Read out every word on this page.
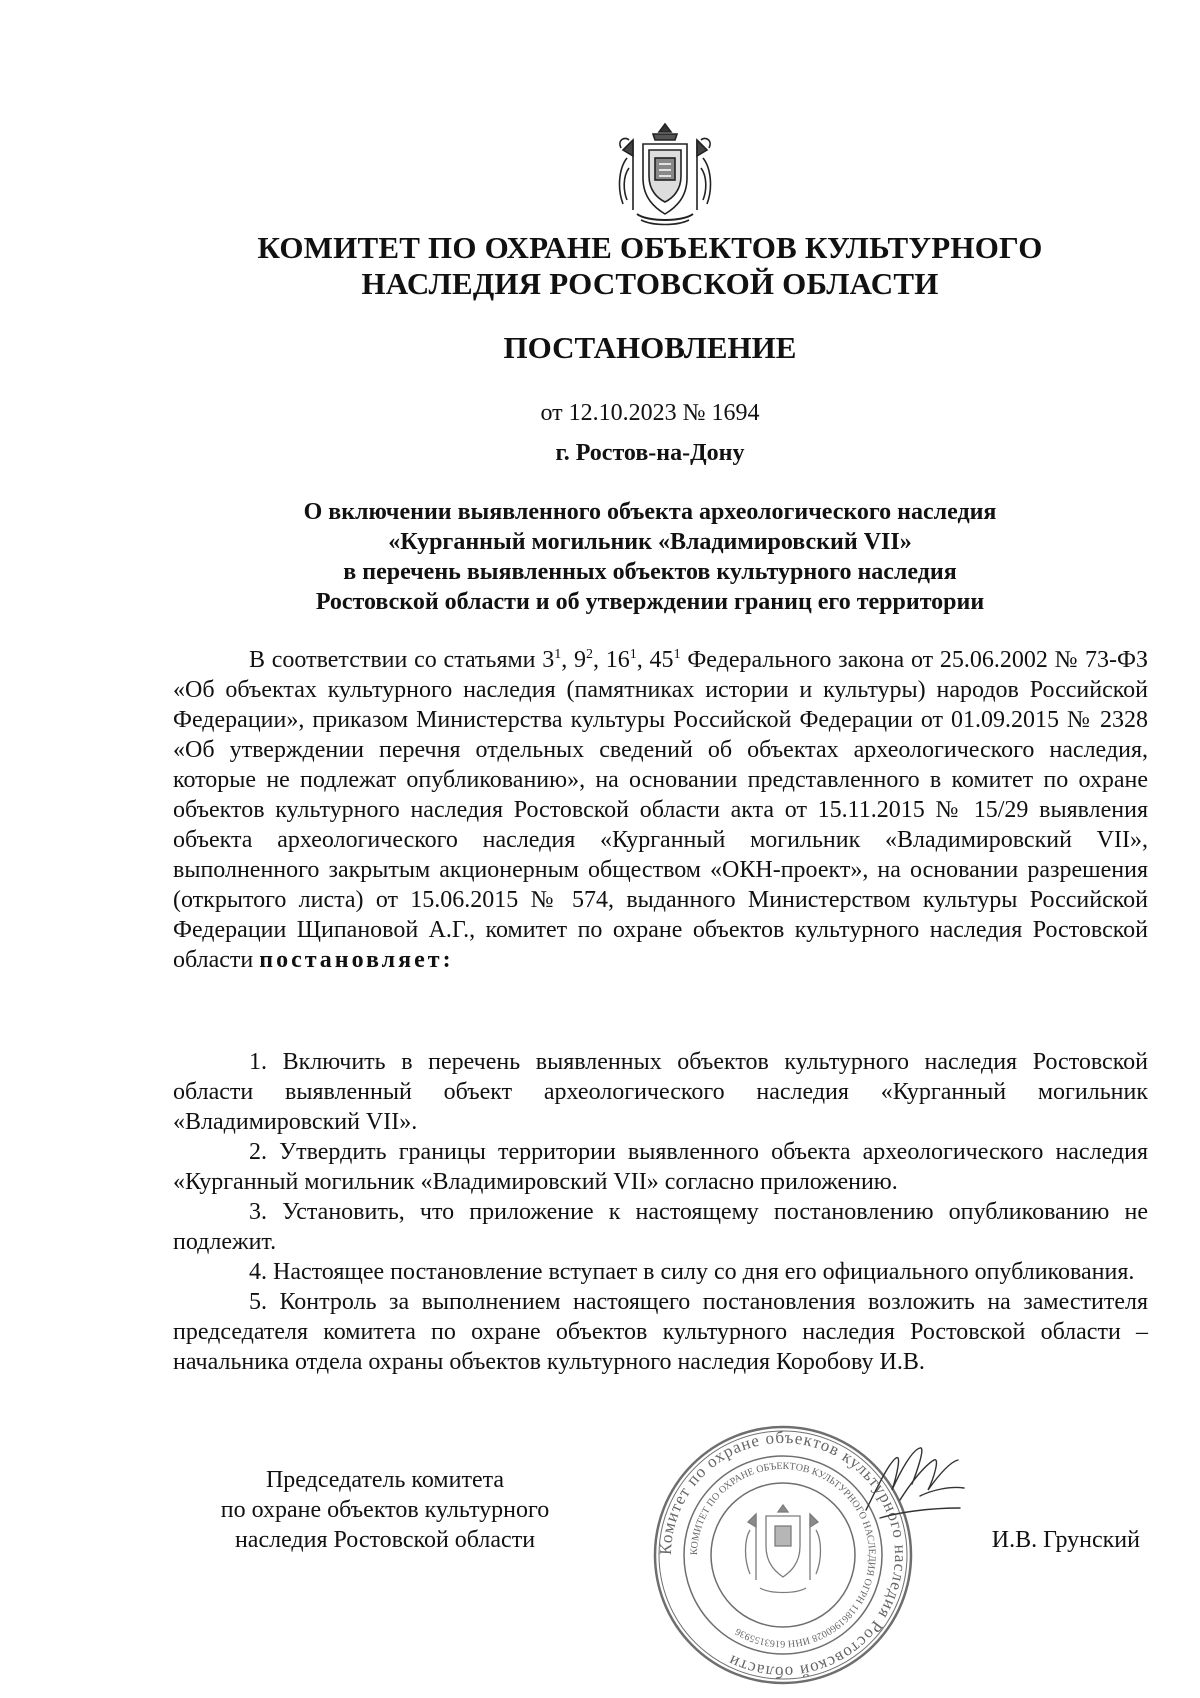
КОМИТЕТ ПО ОХРАНЕ ОБЪЕКТОВ КУЛЬТУРНОГО
НАСЛЕДИЯ РОСТОВСКОЙ ОБЛАСТИ
ПОСТАНОВЛЕНИЕ
от 12.10.2023 № 1694
г. Ростов-на-Дону
О включении выявленного объекта археологического наследия
«Курганный могильник «Владимировский VII»
в перечень выявленных объектов культурного наследия
Ростовской области и об утверждении границ его территории

В соответствии со статьями $3^1$, $9^2$, $16^1$, $45^1$ Федерального закона от 25.06.2002 № 73-ФЗ «Об объектах культурного наследия (памятниках истории и культуры) народов Российской Федерации», приказом Министерства культуры Российской Федерации от 01.09.2015 № 2328 «Об утверждении перечня отдельных сведений об объектах археологического наследия, которые не подлежат опубликованию», на основании представленного в комитет по охране объектов культурного наследия Ростовской области акта от 15.11.2015 № 15/29 выявления объекта археологического наследия «Курганный могильник «Владимировский VII», выполненного закрытым акционерным обществом «ОКН-проект», на основании разрешения (открытого листа) от 15.06.2015 № 574, выданного Министерством культуры Российской Федерации Щипановой А.Г., комитет по охране объектов культурного наследия Ростовской области постановляет:

1. Включить в перечень выявленных объектов культурного наследия Ростовской области выявленный объект археологического наследия «Курганный могильник «Владимировский VII».

2. Утвердить границы территории выявленного объекта археологического наследия «Курганный могильник «Владимировский VII» согласно приложению.

3. Установить, что приложение к настоящему постановлению опубликованию не подлежит.

4. Настоящее постановление вступает в силу со дня его официального опубликования.

5. Контроль за выполнением настоящего постановления возложить на заместителя председателя комитета по охране объектов культурного наследия Ростовской области – начальника отдела охраны объектов культурного наследия Коробову И.В.

Председатель комитета
по охране объектов культурного
наследия Ростовской области	Комитет по охране объектов культурного наследия Ростовской области
КОМИТЕТ ПО ОХРАНЕ ОБЪЕКТОВ КУЛЬТУРНОГО НАСЛЕДИЯ ОГРН 11861960028 ИНН 6163155936
И.В. Грунский
